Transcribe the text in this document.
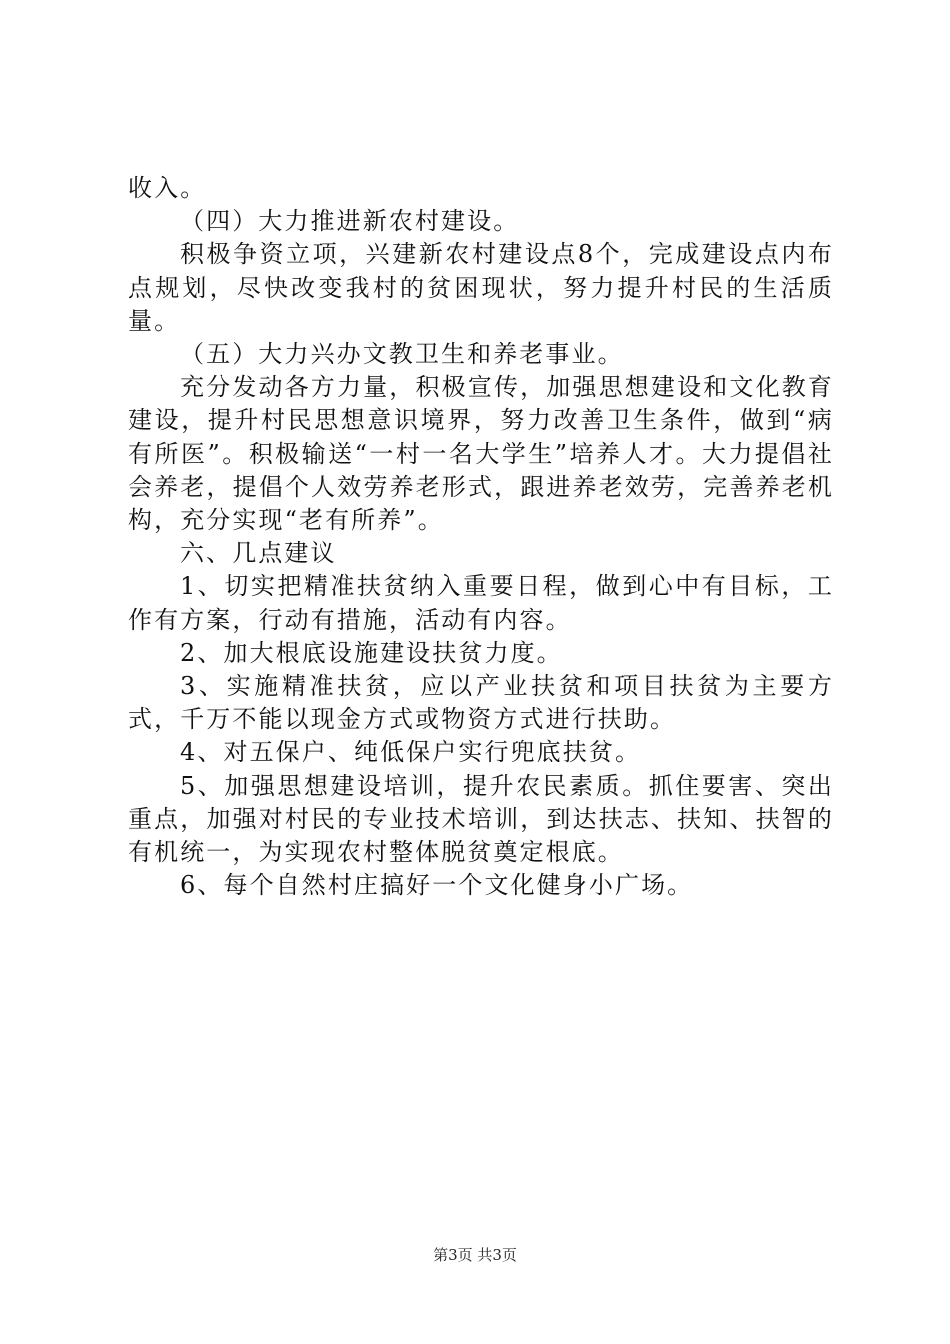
收入。

（四）大力推进新农村建设。

积极争资立项，兴建新农村建设点8个，完成建设点内布点规划，尽快改变我村的贫困现状，努力提升村民的生活质量。

（五）大力兴办文教卫生和养老事业。

充分发动各方力量，积极宣传，加强思想建设和文化教育建设，提升村民思想意识境界，努力改善卫生条件，做到“病有所医”。积极输送“一村一名大学生”培养人才。大力提倡社会养老，提倡个人效劳养老形式，跟进养老效劳，完善养老机构，充分实现“老有所养”。

六、几点建议

1、切实把精准扶贫纳入重要日程，做到心中有目标，工作有方案，行动有措施，活动有内容。

2、加大根底设施建设扶贫力度。

3、实施精准扶贫，应以产业扶贫和项目扶贫为主要方式，千万不能以现金方式或物资方式进行扶助。

4、对五保户、纯低保户实行兜底扶贫。

5、加强思想建设培训，提升农民素质。抓住要害、突出重点，加强对村民的专业技术培训，到达扶志、扶知、扶智的有机统一，为实现农村整体脱贫奠定根底。

6、每个自然村庄搞好一个文化健身小广场。

第3页 共3页
